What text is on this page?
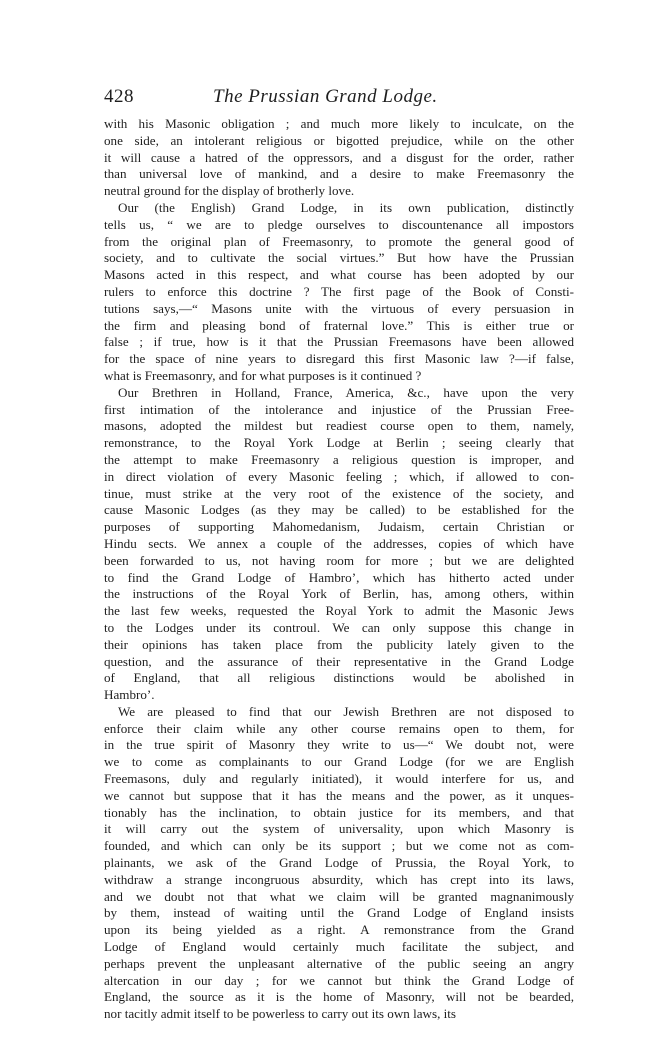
428	The Prussian Grand Lodge.
with his Masonic obligation ; and much more likely to inculcate, on the
one side, an intolerant religious or bigotted prejudice, while on the other
it will cause a hatred of the oppressors, and a disgust for the order, rather
than universal love of mankind, and a desire to make Freemasonry the
neutral ground for the display of brotherly love.
Our (the English) Grand Lodge, in its own publication, distinctly
tells us, “ we are to pledge ourselves to discountenance all impostors
from the original plan of Freemasonry, to promote the general good of
society, and to cultivate the social virtues.” But how have the Prussian
Masons acted in this respect, and what course has been adopted by our
rulers to enforce this doctrine ? The first page of the Book of Consti-
tutions says,—“ Masons unite with the virtuous of every persuasion in
the firm and pleasing bond of fraternal love.” This is either true or
false ; if true, how is it that the Prussian Freemasons have been allowed
for the space of nine years to disregard this first Masonic law ?—if false,
what is Freemasonry, and for what purposes is it continued ?
Our Brethren in Holland, France, America, &c., have upon the very
first intimation of the intolerance and injustice of the Prussian Free-
masons, adopted the mildest but readiest course open to them, namely,
remonstrance, to the Royal York Lodge at Berlin ; seeing clearly that
the attempt to make Freemasonry a religious question is improper, and
in direct violation of every Masonic feeling ; which, if allowed to con-
tinue, must strike at the very root of the existence of the society, and
cause Masonic Lodges (as they may be called) to be established for the
purposes of supporting Mahomedanism, Judaism, certain Christian or
Hindu sects. We annex a couple of the addresses, copies of which have
been forwarded to us, not having room for more ; but we are delighted
to find the Grand Lodge of Hambro’, which has hitherto acted under
the instructions of the Royal York of Berlin, has, among others, within
the last few weeks, requested the Royal York to admit the Masonic Jews
to the Lodges under its controul. We can only suppose this change in
their opinions has taken place from the publicity lately given to the
question, and the assurance of their representative in the Grand Lodge
of England, that all religious distinctions would be abolished in
Hambro’.
We are pleased to find that our Jewish Brethren are not disposed to
enforce their claim while any other course remains open to them, for
in the true spirit of Masonry they write to us—“ We doubt not, were
we to come as complainants to our Grand Lodge (for we are English
Freemasons, duly and regularly initiated), it would interfere for us, and
we cannot but suppose that it has the means and the power, as it unques-
tionably has the inclination, to obtain justice for its members, and that
it will carry out the system of universality, upon which Masonry is
founded, and which can only be its support ; but we come not as com-
plainants, we ask of the Grand Lodge of Prussia, the Royal York, to
withdraw a strange incongruous absurdity, which has crept into its laws,
and we doubt not that what we claim will be granted magnanimously
by them, instead of waiting until the Grand Lodge of England insists
upon its being yielded as a right. A remonstrance from the Grand
Lodge of England would certainly much facilitate the subject, and
perhaps prevent the unpleasant alternative of the public seeing an angry
altercation in our day ; for we cannot but think the Grand Lodge of
England, the source as it is the home of Masonry, will not be bearded,
nor tacitly admit itself to be powerless to carry out its own laws, its
